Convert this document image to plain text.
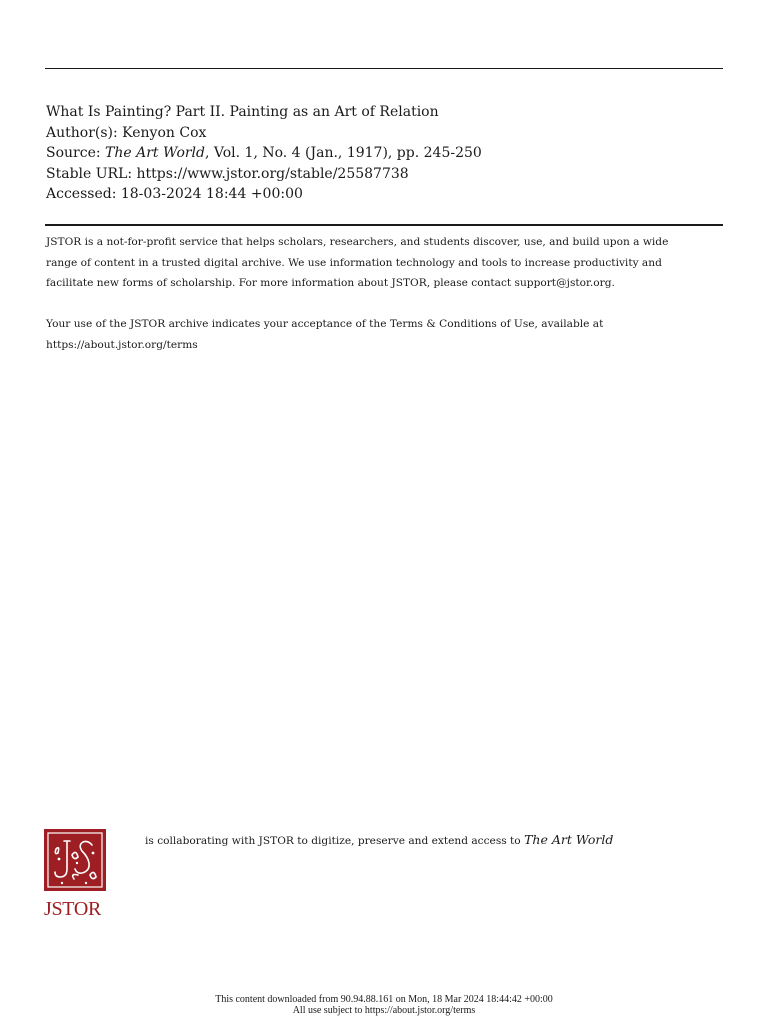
What Is Painting? Part II. Painting as an Art of Relation
Author(s): Kenyon Cox
Source: The Art World, Vol. 1, No. 4 (Jan., 1917), pp. 245-250
Stable URL: https://www.jstor.org/stable/25587738
Accessed: 18-03-2024 18:44 +00:00
JSTOR is a not-for-profit service that helps scholars, researchers, and students discover, use, and build upon a wide
range of content in a trusted digital archive. We use information technology and tools to increase productivity and
facilitate new forms of scholarship. For more information about JSTOR, please contact support@jstor.org.
Your use of the JSTOR archive indicates your acceptance of the Terms & Conditions of Use, available at
https://about.jstor.org/terms
JSTOR
is collaborating with JSTOR to digitize, preserve and extend access to The Art World
This content downloaded from 90.94.88.161 on Mon, 18 Mar 2024 18:44:42 +00:00
All use subject to https://about.jstor.org/terms
